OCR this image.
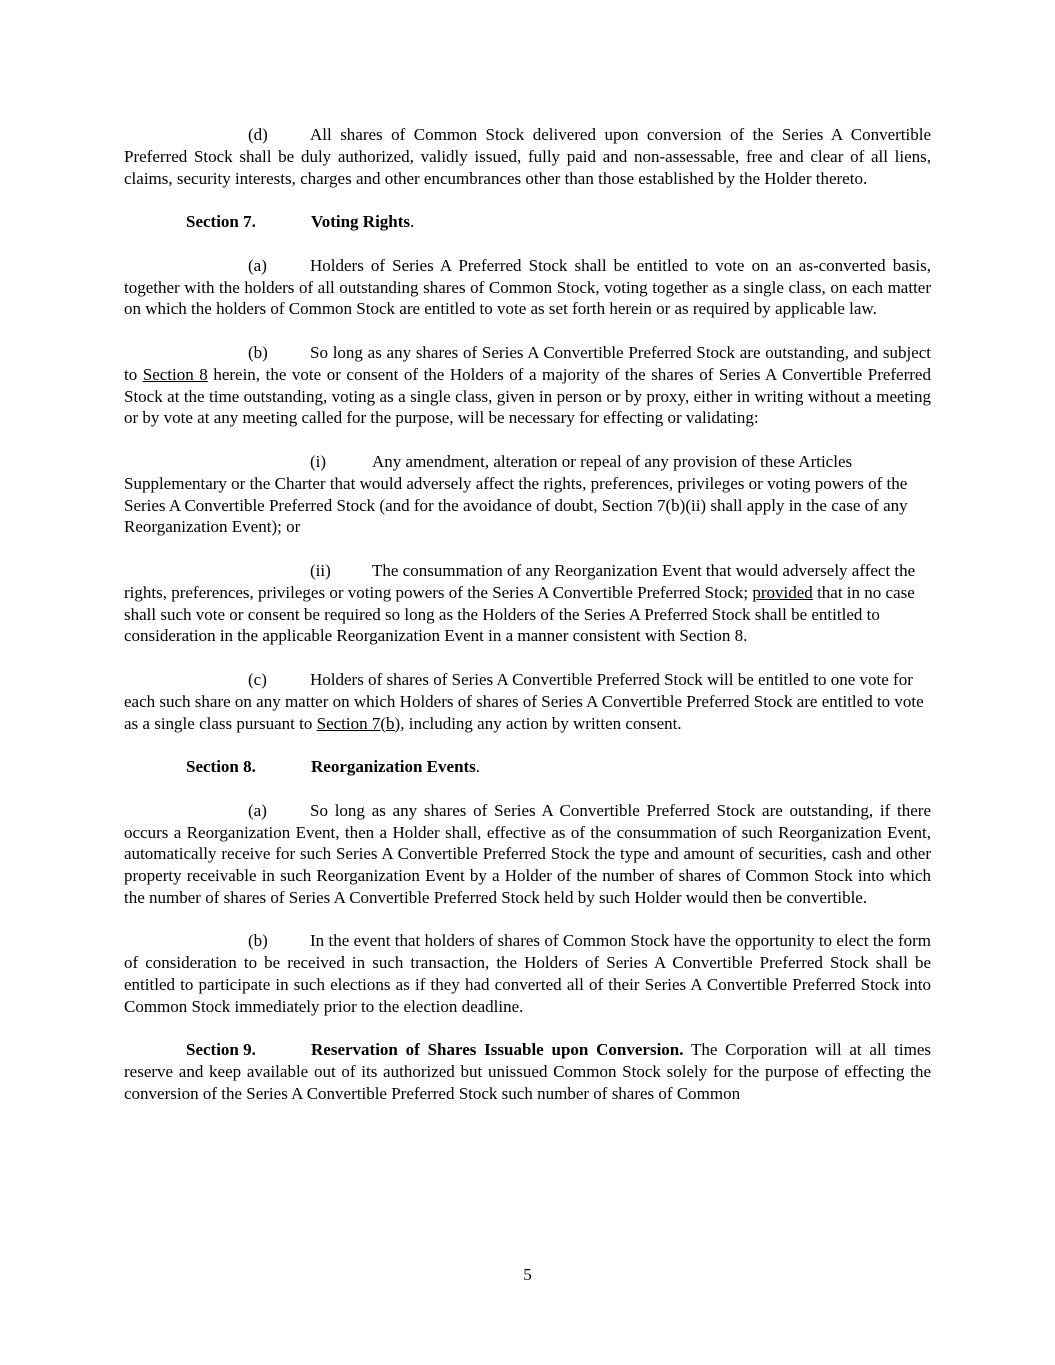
(d) All shares of Common Stock delivered upon conversion of the Series A Convertible Preferred Stock shall be duly authorized, validly issued, fully paid and non-assessable, free and clear of all liens, claims, security interests, charges and other encumbrances other than those established by the Holder thereto.

Section 7.	Voting Rights.

(a)	Holders of Series A Preferred Stock shall be entitled to vote on an as-converted basis, together with the holders of all outstanding shares of Common Stock, voting together as a single class, on each matter on which the holders of Common Stock are entitled to vote as set forth herein or as required by applicable law.

(b) So long as any shares of Series A Convertible Preferred Stock are outstanding, and subject to Section 8 herein, the vote or consent of the Holders of a majority of the shares of Series A Convertible Preferred Stock at the time outstanding, voting as a single class, given in person or by proxy, either in writing without a meeting or by vote at any meeting called for the purpose, will be necessary for effecting or validating:

(i)	Any amendment, alteration or repeal of any provision of these Articles Supplementary or the Charter that would adversely affect the rights, preferences, privileges or voting powers of the Series A Convertible Preferred Stock (and for the avoidance of doubt, Section 7(b)(ii) shall apply in the case of any Reorganization Event); or

(ii) The consummation of any Reorganization Event that would adversely affect the rights, preferences, privileges or voting powers of the Series A Convertible Preferred Stock; provided that in no case shall such vote or consent be required so long as the Holders of the Series A Preferred Stock shall be entitled to consideration in the applicable Reorganization Event in a manner consistent with Section 8.

(c)	Holders of shares of Series A Convertible Preferred Stock will be entitled to one vote for each such share on any matter on which Holders of shares of Series A Convertible Preferred Stock are entitled to vote as a single class pursuant to Section 7(b), including any action by written consent.

Section 8.	Reorganization Events.

(a)	So long as any shares of Series A Convertible Preferred Stock are outstanding, if there occurs a Reorganization Event, then a Holder shall, effective as of the consummation of such Reorganization Event, automatically receive for such Series A Convertible Preferred Stock the type and amount of securities, cash and other property receivable in such Reorganization Event by a Holder of the number of shares of Common Stock into which the number of shares of Series A Convertible Preferred Stock held by such Holder would then be convertible.

(b) In the event that holders of shares of Common Stock have the opportunity to elect the form of consideration to be received in such transaction, the Holders of Series A Convertible Preferred Stock shall be entitled to participate in such elections as if they had converted all of their Series A Convertible Preferred Stock into Common Stock immediately prior to the election deadline.

Section 9.	Reservation of Shares Issuable upon Conversion. The Corporation will at all times reserve and keep available out of its authorized but unissued Common Stock solely for the purpose of effecting the conversion of the Series A Convertible Preferred Stock such number of shares of Common

5
